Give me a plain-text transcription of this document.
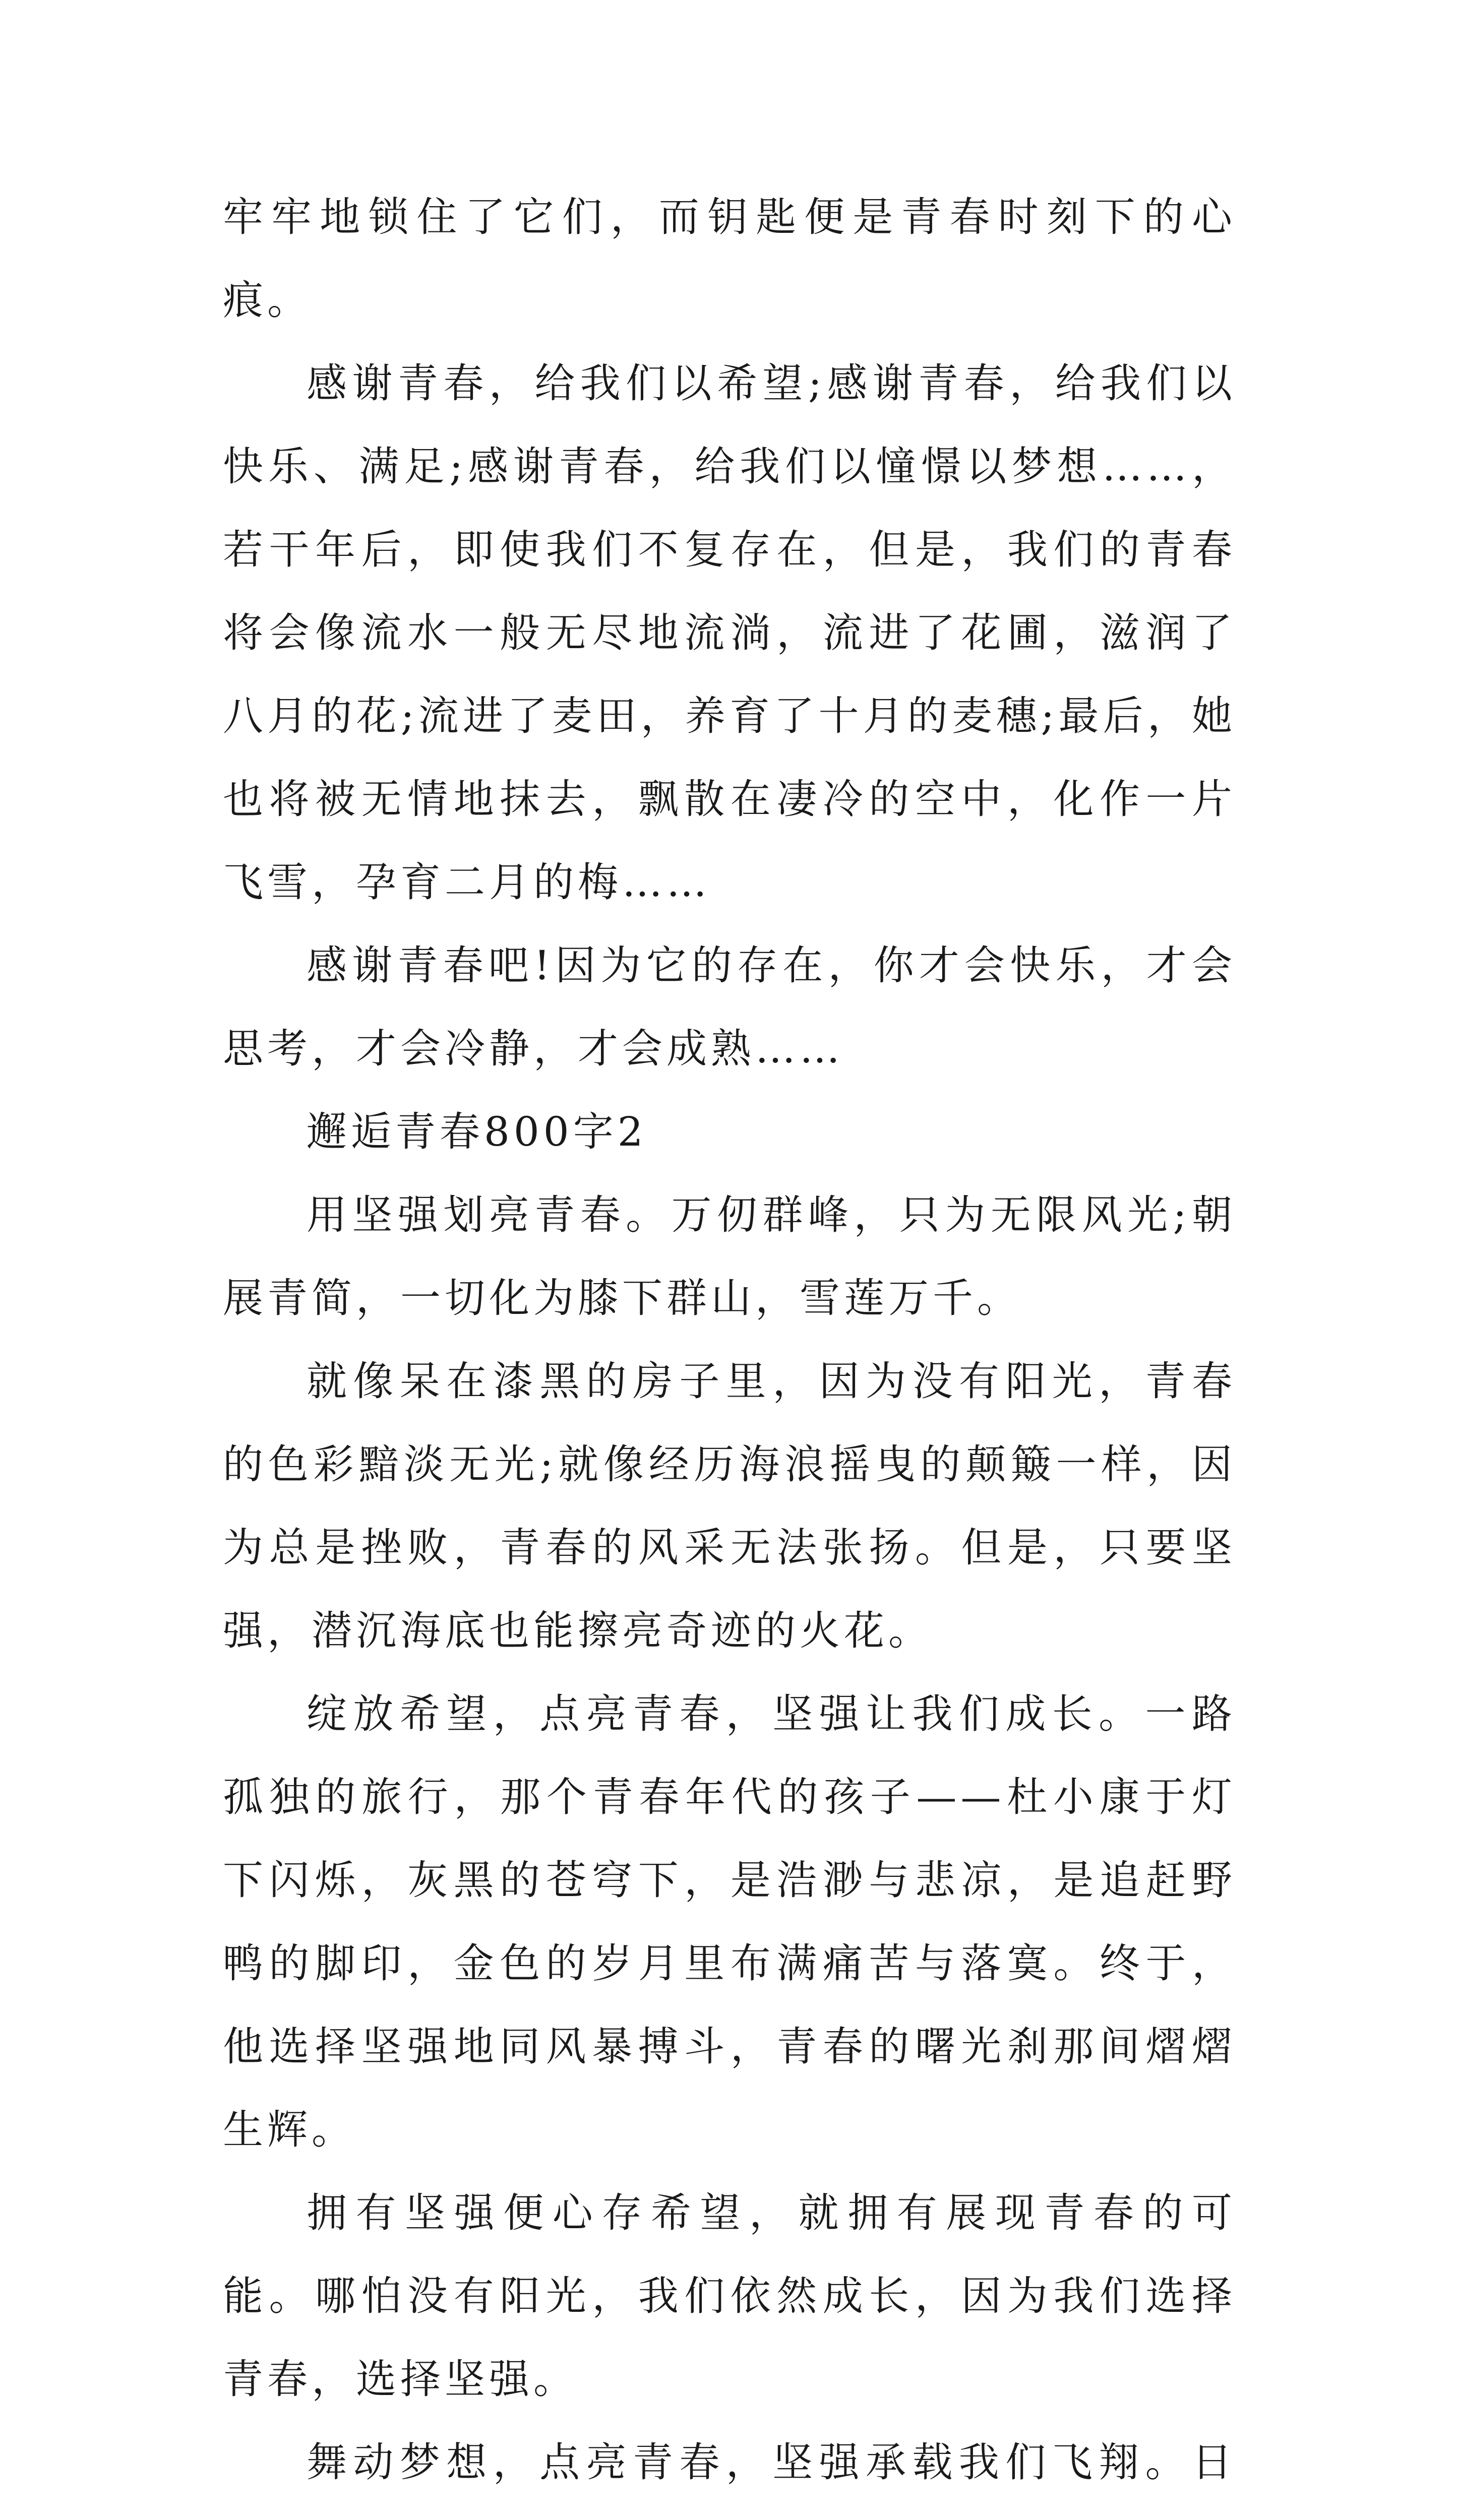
牢牢地锁住了它们，而钥匙便是青春时刻下的心痕。

感谢青春，给我们以希望;感谢青春，给我们以快乐、满足;感谢青春，给我们以憧憬以梦想……，若干年后，即使我们不复存在，但是，我们的青春将会像流水一般无尽地流淌，流进了花圃，滋润了八月的花;流进了麦田，养育了十月的麦穗;最后，她也将被无情地抹去，飘散在凄冷的空中，化作一片飞雪，孕育二月的梅……

感谢青春吧!因为它的存在，你才会快乐，才会思考，才会冷静，才会成熟……

邂逅青春800字2

用坚强划亮青春。万仞群峰，只为无限风光;朝展青简，一切化为膝下群山，雪莲万千。

就像呆在漆黑的房子里，因为没有阳光，青春的色彩黯淡无光;就像经历海浪摇曳的颠簸一样，因为总是挫败，青春的风采无法张扬。但是，只要坚强，潜沉海底也能擦亮奇迹的火花。

绽放希望，点亮青春，坚强让我们成长。一路孤独的旅行，那个青春年代的孩子——杜小康于灯下闪烁，灰黑的苍穹下，是浩渺与悲凉，是追赶野鸭的脚印，金色的岁月里布满痛苦与落寞。终于，他选择坚强地同风暴搏斗，青春的曙光刹那间熠熠生辉。

拥有坚强便心存希望，就拥有展现青春的可能。哪怕没有阳光，我们依然成长，因为我们选择青春，选择坚强。

舞动梦想，点亮青春，坚强承载我们飞翔。日
